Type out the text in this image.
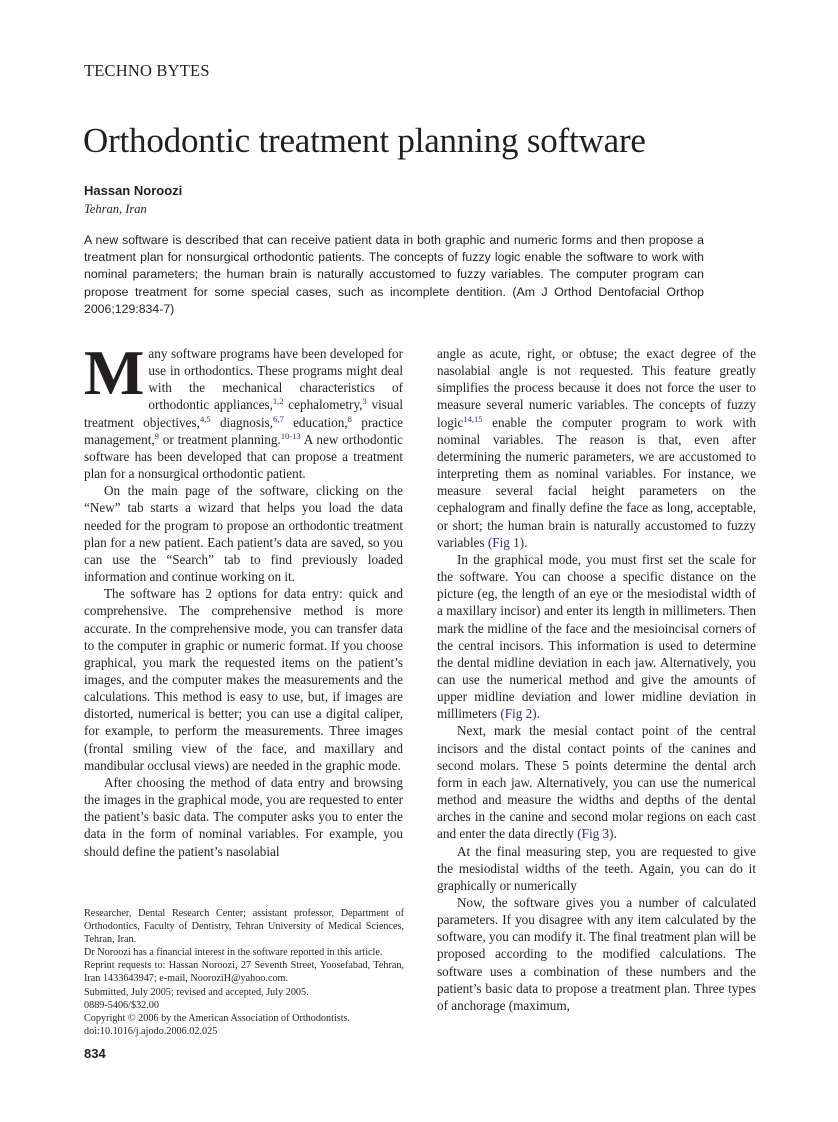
TECHNO BYTES
Orthodontic treatment planning software
Hassan Noroozi
Tehran, Iran
A new software is described that can receive patient data in both graphic and numeric forms and then propose a treatment plan for nonsurgical orthodontic patients. The concepts of fuzzy logic enable the software to work with nominal parameters; the human brain is naturally accustomed to fuzzy variables. The computer program can propose treatment for some special cases, such as incomplete dentition. (Am J Orthod Dentofacial Orthop 2006;129:834-7)

Many software programs have been developed for use in orthodontics. These programs might deal with the mechanical characteristics of orthodontic appliances,$^{1,2}$ cephalometry,$^3$ visual treatment objectives,$^{4,5}$ diagnosis,$^{6,7}$ education,$^8$ practice management,$^9$ or treatment planning.$^{10-13}$ A new orthodontic software has been developed that can propose a treatment plan for a nonsurgical orthodontic patient.

On the main page of the software, clicking on the “New” tab starts a wizard that helps you load the data needed for the program to propose an orthodontic treatment plan for a new patient. Each patient’s data are saved, so you can use the “Search” tab to find previously loaded information and continue working on it.

The software has 2 options for data entry: quick and comprehensive. The comprehensive method is more accurate. In the comprehensive mode, you can transfer data to the computer in graphic or numeric format. If you choose graphical, you mark the requested items on the patient’s images, and the computer makes the measurements and the calculations. This method is easy to use, but, if images are distorted, numerical is better; you can use a digital caliper, for example, to perform the measurements. Three images (frontal smiling view of the face, and maxillary and mandibular occlusal views) are needed in the graphic mode.

After choosing the method of data entry and browsing the images in the graphical mode, you are requested to enter the patient’s basic data. The computer asks you to enter the data in the form of nominal variables. For example, you should define the patient’s nasolabial

angle as acute, right, or obtuse; the exact degree of the nasolabial angle is not requested. This feature greatly simplifies the process because it does not force the user to measure several numeric variables. The concepts of fuzzy logic$^{14,15}$ enable the computer program to work with nominal variables. The reason is that, even after determining the numeric parameters, we are accustomed to interpreting them as nominal variables. For instance, we measure several facial height parameters on the cephalogram and finally define the face as long, acceptable, or short; the human brain is naturally accustomed to fuzzy variables (Fig 1).

In the graphical mode, you must first set the scale for the software. You can choose a specific distance on the picture (eg, the length of an eye or the mesiodistal width of a maxillary incisor) and enter its length in millimeters. Then mark the midline of the face and the mesioincisal corners of the central incisors. This information is used to determine the dental midline deviation in each jaw. Alternatively, you can use the numerical method and give the amounts of upper midline deviation and lower midline deviation in millimeters (Fig 2).

Next, mark the mesial contact point of the central incisors and the distal contact points of the canines and second molars. These 5 points determine the dental arch form in each jaw. Alternatively, you can use the numerical method and measure the widths and depths of the dental arches in the canine and second molar regions on each cast and enter the data directly (Fig 3).

At the final measuring step, you are requested to give the mesiodistal widths of the teeth. Again, you can do it graphically or numerically

Now, the software gives you a number of calculated parameters. If you disagree with any item calculated by the software, you can modify it. The final treatment plan will be proposed according to the modified calculations. The software uses a combination of these numbers and the patient’s basic data to propose a treatment plan. Three types of anchorage (maximum,

Researcher, Dental Research Center; assistant professor, Department of Orthodontics, Faculty of Dentistry, Tehran University of Medical Sciences, Tehran, Iran.
Dr Noroozi has a financial interest in the software reported in this article.
Reprint requests to: Hassan Noroozi, 27 Seventh Street, Yoosefabad, Tehran, Iran 1433643947; e-mail, NooroziH@yahoo.com.
Submitted, July 2005; revised and accepted, July 2005.
0889-5406/$32.00
Copyright © 2006 by the American Association of Orthodontists.
doi:10.1016/j.ajodo.2006.02.025
834
